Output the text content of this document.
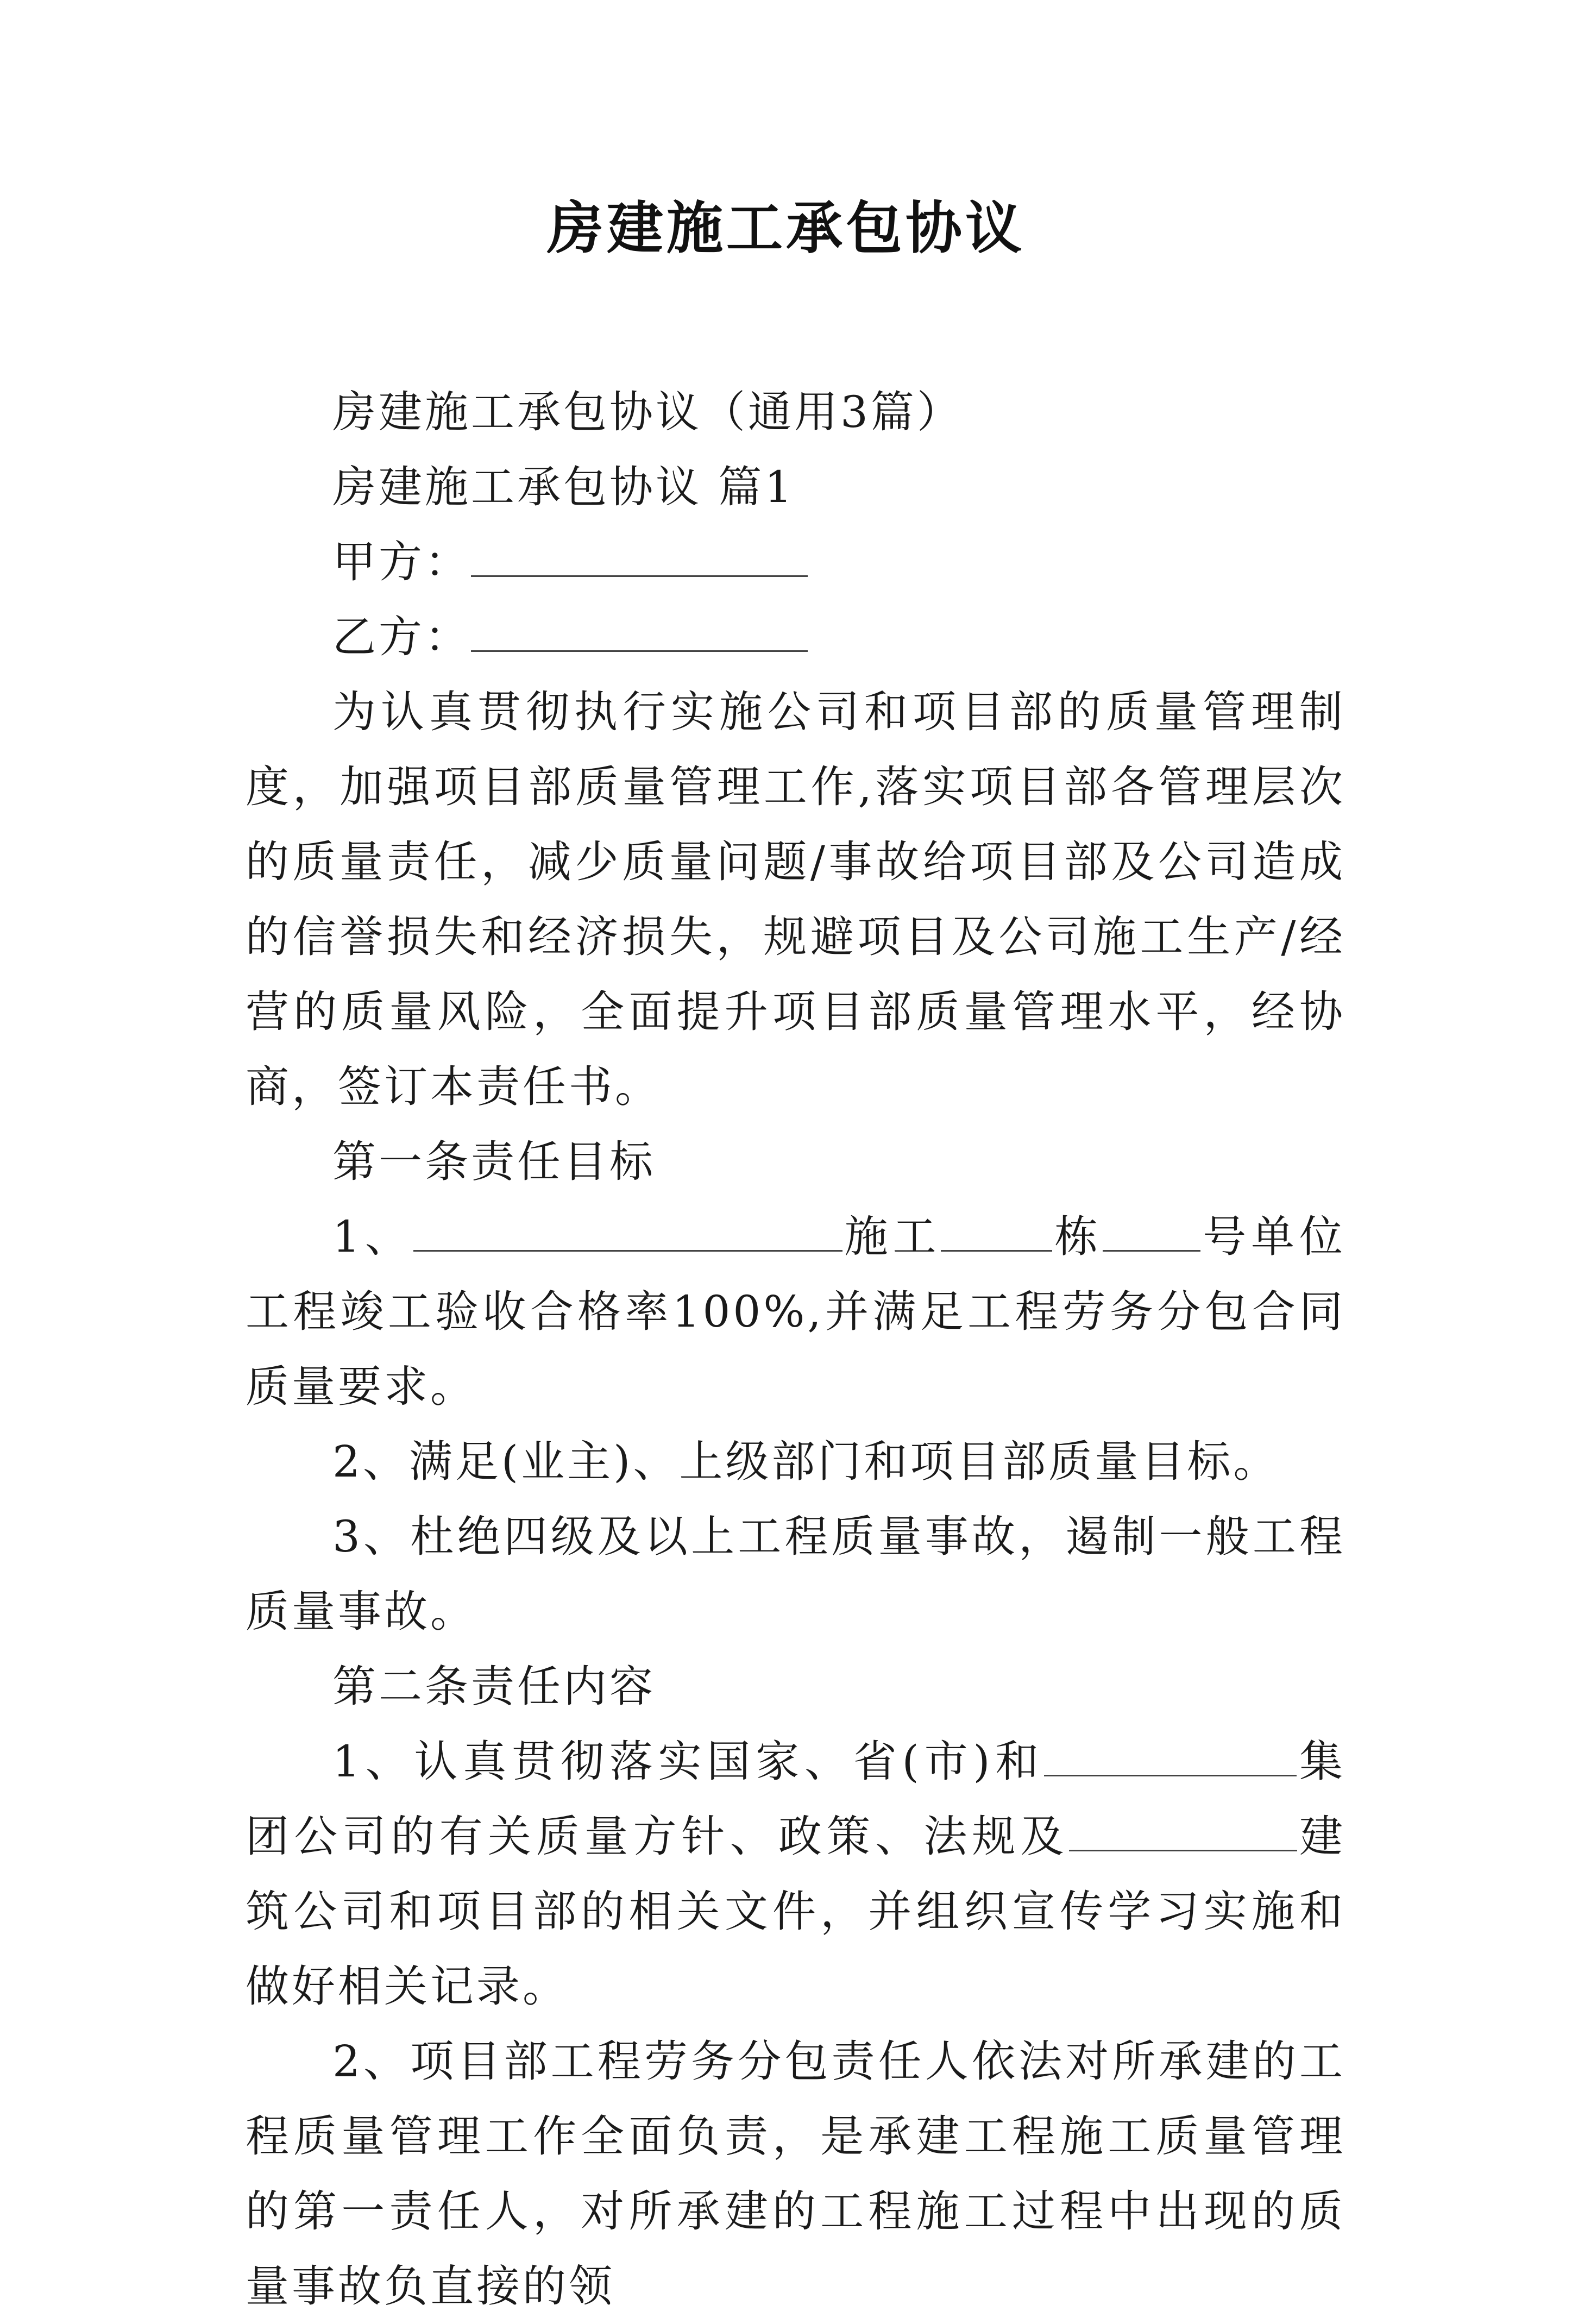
房建施工承包协议

房建施工承包协议（通用3篇）

房建施工承包协议 篇1

甲方：

乙方：

为认真贯彻执行实施公司和项目部的质量管理制度，加强项目部质量管理工作,落实项目部各管理层次的质量责任，减少质量问题/事故给项目部及公司造成的信誉损失和经济损失，规避项目及公司施工生产/经营的质量风险，全面提升项目部质量管理水平，经协商，签订本责任书。

第一条责任目标

1、	施工	栋 号单位工程竣工验收合格率100%,并满足工程劳务分包合同质量要求。

2、满足(业主)、上级部门和项目部质量目标。

3、杜绝四级及以上工程质量事故，遏制一般工程质量事故。

第二条责任内容

1、认真贯彻落实国家、省(市)和	集团公司的有关质量方针、政策、法规及	建筑公司和项目部的相关文件，并组织宣传学习实施和做好相关记录。

2、项目部工程劳务分包责任人依法对所承建的工程质量管理工作全面负责，是承建工程施工质量管理的第一责任人，对所承建的工程施工过程中出现的质量事故负直接的领
